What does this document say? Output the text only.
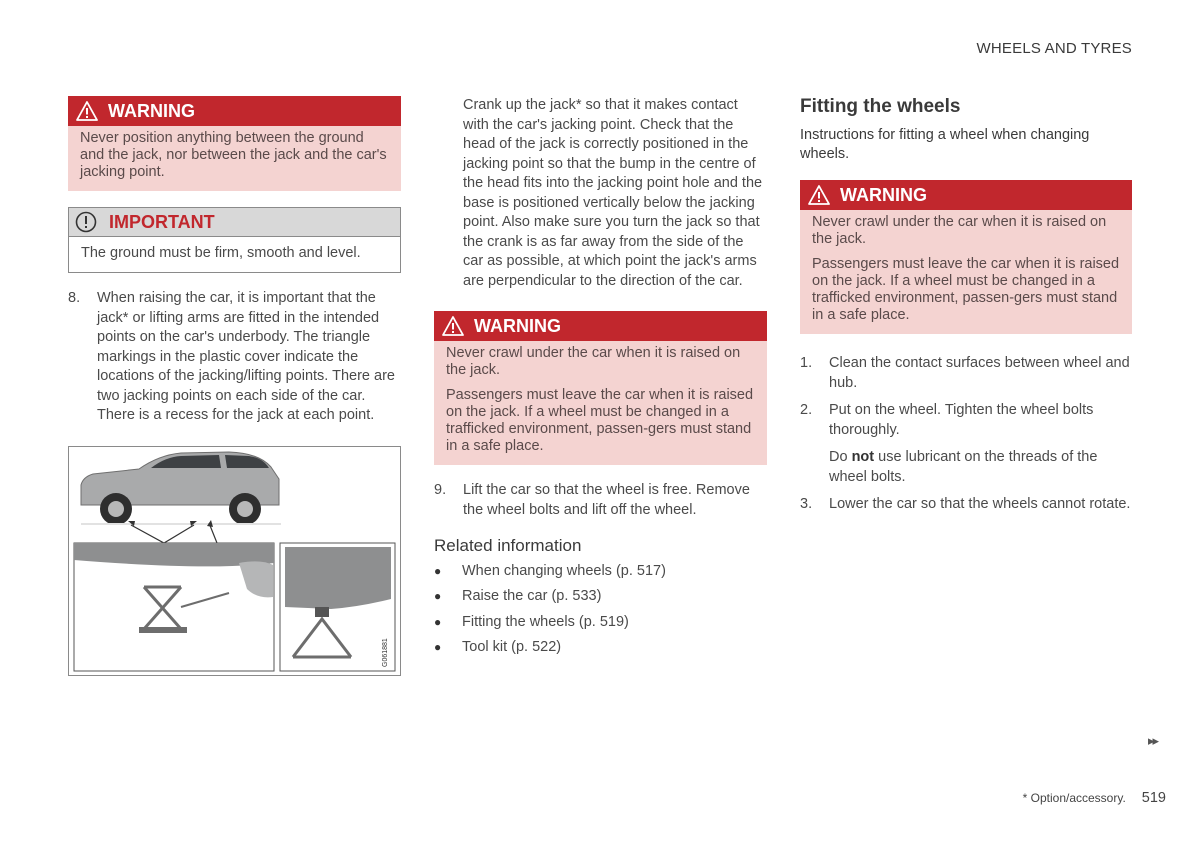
WHEELS AND TYRES
WARNING

Never position anything between the ground and the jack, nor between the jack and the car's jacking point.

IMPORTANT

The ground must be firm, smooth and level.

8.	When raising the car, it is important that the jack* or lifting arms are fitted in the intended points on the car's underbody. The triangle markings in the plastic cover indicate the locations of the jacking/lifting points. There are two jacking points on each side of the car. There is a recess for the jack at each point.

G061881

Crank up the jack* so that it makes contact with the car's jacking point. Check that the head of the jack is correctly positioned in the jacking point so that the bump in the centre of the head fits into the jacking point hole and the base is positioned vertically below the jacking point. Also make sure you turn the jack so that the crank is as far away from the side of the car as possible, at which point the jack's arms are perpendicular to the direction of the car.

WARNING

Never crawl under the car when it is raised on the jack.

Passengers must leave the car when it is raised on the jack. If a wheel must be changed in a trafficked environment, passen-gers must stand in a safe place.

9.	Lift the car so that the wheel is free. Remove the wheel bolts and lift off the wheel.

Related information
●	When changing wheels (p. 517)
●	Raise the car (p. 533)
●	Fitting the wheels (p. 519)
●	Tool kit (p. 522)
Fitting the wheels

Instructions for fitting a wheel when changing wheels.

WARNING

Never crawl under the car when it is raised on the jack.

Passengers must leave the car when it is raised on the jack. If a wheel must be changed in a trafficked environment, passen-gers must stand in a safe place.

1.	Clean the contact surfaces between wheel and hub.

2.	Put on the wheel. Tighten the wheel bolts thoroughly.

Do not use lubricant on the threads of the wheel bolts.

3.	Lower the car so that the wheels cannot rotate.

▸▸
* Option/accessory. 519
